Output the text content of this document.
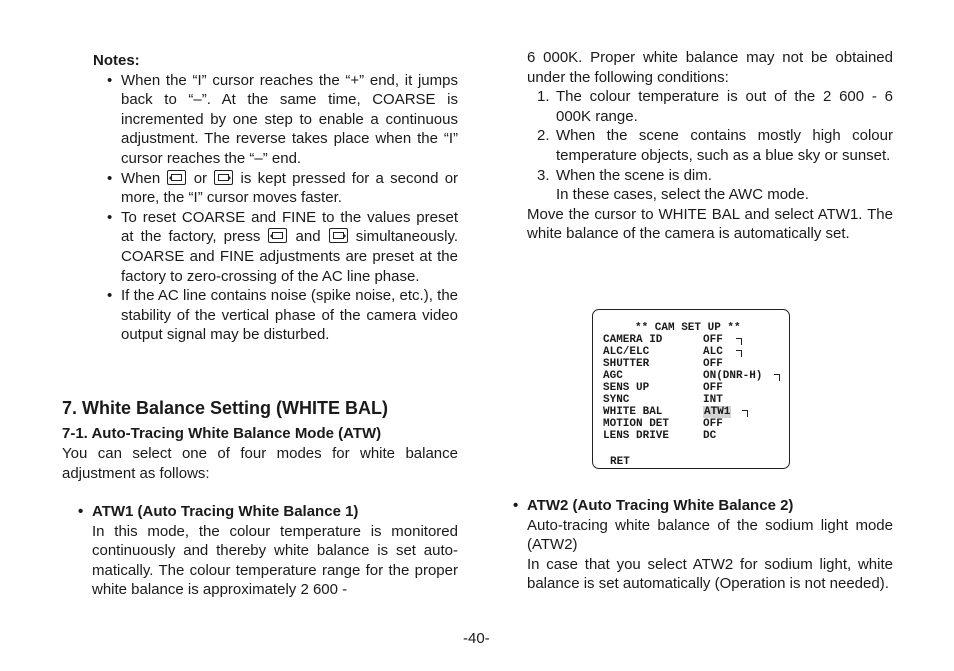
Notes:

• When the “I” cursor reaches the “+” end, it jumps back to “–”. At the same time, COARSE is incremented by one step to enable a continuous adjustment. The reverse takes place when the “I” cursor reaches the “–” end.
• When or is kept pressed for a second or more, the “I” cursor moves faster.
• To reset COARSE and FINE to the values preset at the factory, press and simultaneously. COARSE and FINE adjustments are preset at the factory to zero-crossing of the AC line phase.
• If the AC line contains noise (spike noise, etc.), the stability of the vertical phase of the camera video output signal may be disturbed.
7. White Balance Setting (WHITE BAL)
7-1. Auto-Tracing White Balance Mode (ATW)

You can select one of four modes for white balance adjustment as follows:

• ATW1 (Auto Tracing White Balance 1)
In this mode, the colour temperature is monitored continuously and thereby white balance is set automatically. The colour temperature range for the proper white balance is approximately 2 600 -

6 000K. Proper white balance may not be obtained under the following conditions:

1. The colour temperature is out of the 2 600 - 6 000K range.
2. When the scene contains mostly high colour temperature objects, such as a blue sky or sunset.
3. When the scene is dim.

In these cases, select the AWC mode.

Move the cursor to WHITE BAL and select ATW1. The white balance of the camera is automatically set.

** CAM SET UP **
CAMERA ID	OFF
ALC/ELC	ALC
SHUTTER	OFF
AGC	ON(DNR-H)
SENS UP	OFF
SYNC	INT
WHITE BAL	ATW1
MOTION DET	OFF
LENS DRIVE	DC
RET
• ATW2 (Auto Tracing White Balance 2)
Auto-tracing white balance of the sodium light mode (ATW2)
In case that you select ATW2 for sodium light, white balance is set automatically (Operation is not needed).
-40-
